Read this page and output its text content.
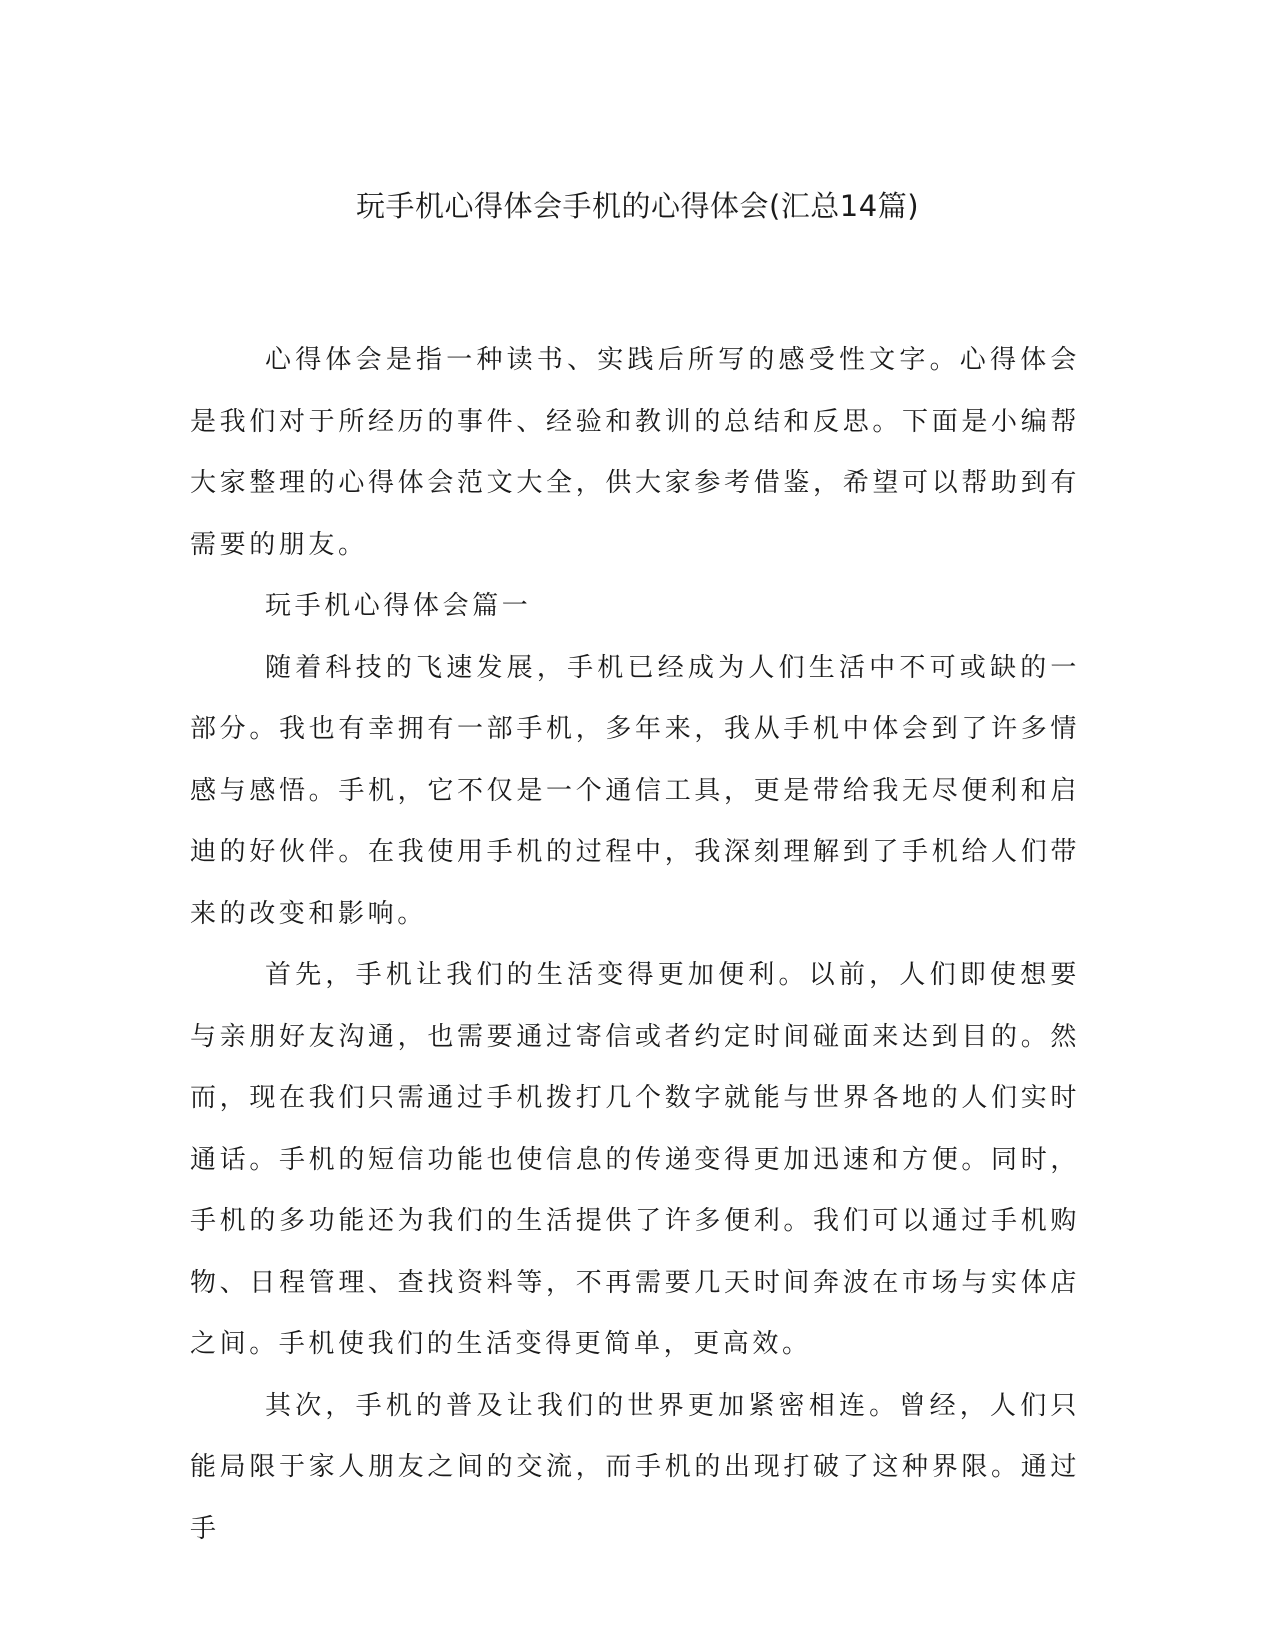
玩手机心得体会手机的心得体会(汇总14篇)

心得体会是指一种读书、实践后所写的感受性文字。心得体会是我们对于所经历的事件、经验和教训的总结和反思。下面是小编帮大家整理的心得体会范文大全，供大家参考借鉴，希望可以帮助到有需要的朋友。

玩手机心得体会篇一

随着科技的飞速发展，手机已经成为人们生活中不可或缺的一部分。我也有幸拥有一部手机，多年来，我从手机中体会到了许多情感与感悟。手机，它不仅是一个通信工具，更是带给我无尽便利和启迪的好伙伴。在我使用手机的过程中，我深刻理解到了手机给人们带来的改变和影响。

首先，手机让我们的生活变得更加便利。以前，人们即使想要与亲朋好友沟通，也需要通过寄信或者约定时间碰面来达到目的。然而，现在我们只需通过手机拨打几个数字就能与世界各地的人们实时通话。手机的短信功能也使信息的传递变得更加迅速和方便。同时，手机的多功能还为我们的生活提供了许多便利。我们可以通过手机购物、日程管理、查找资料等，不再需要几天时间奔波在市场与实体店之间。手机使我们的生活变得更简单，更高效。

其次，手机的普及让我们的世界更加紧密相连。曾经，人们只能局限于家人朋友之间的交流，而手机的出现打破了这种界限。通过手
